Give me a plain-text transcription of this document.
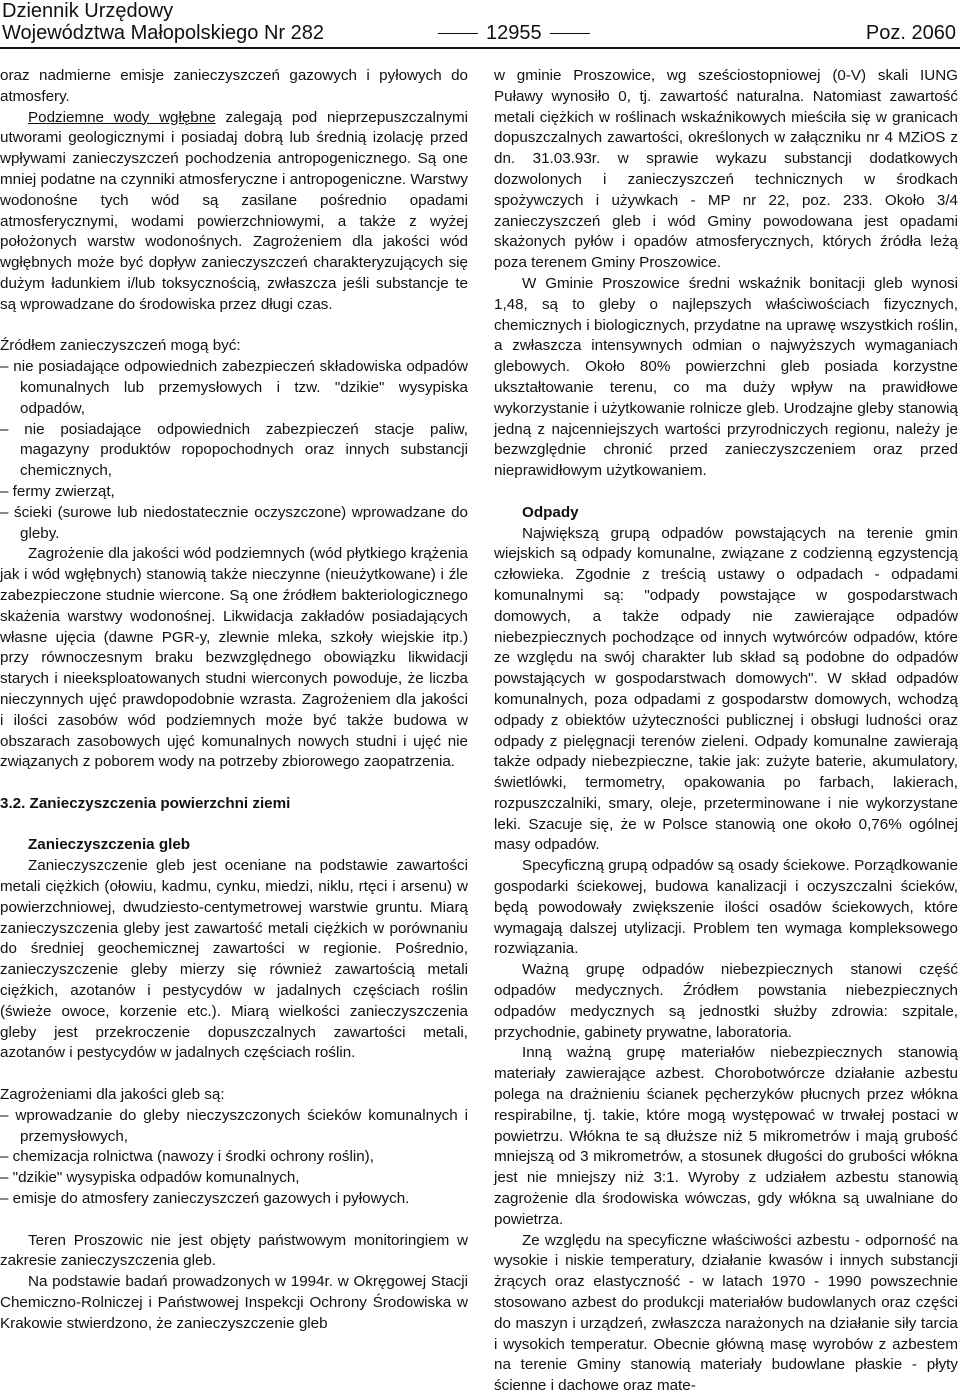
Dziennik Urzędowy
Województwa Małopolskiego Nr 282	12955	Poz. 2060

oraz nadmierne emisje zanieczyszczeń gazowych i pyłowych do atmosfery.

Podziemne wody wgłębne zalegają pod nieprzepuszczalnymi utworami geologicznymi i posiadaj dobrą lub średnią izolację przed wpływami zanieczyszczeń pochodzenia antropogenicznego. Są one mniej podatne na czynniki atmosferyczne i antropogeniczne. Warstwy wodonośne tych wód są zasilane pośrednio opadami atmosferycznymi, wodami powierzchniowymi, a także z wyżej położonych warstw wodonośnych. Zagrożeniem dla jakości wód wgłębnych może być dopływ zanieczyszczeń charakteryzujących się dużym ładunkiem i/lub toksycznością, zwłaszcza jeśli substancje te są wprowadzane do środowiska przez długi czas.

Źródłem zanieczyszczeń mogą być:

– nie posiadające odpowiednich zabezpieczeń składowiska odpadów komunalnych lub przemysłowych i tzw. "dzikie" wysypiska odpadów,
– nie posiadające odpowiednich zabezpieczeń stacje paliw, magazyny produktów ropopochodnych oraz innych substancji chemicznych,
– fermy zwierząt,
– ścieki (surowe lub niedostatecznie oczyszczone) wprowadzane do gleby.

Zagrożenie dla jakości wód podziemnych (wód płytkiego krążenia jak i wód wgłębnych) stanowią także nieczynne (nieużytkowane) i źle zabezpieczone studnie wiercone. Są one źródłem bakteriologicznego skażenia warstwy wodonośnej. Likwidacja zakładów posiadających własne ujęcia (dawne PGR-y, zlewnie mleka, szkoły wiejskie itp.) przy równoczesnym braku bezwzględnego obowiązku likwidacji starych i nieeksploatowanych studni wierconych powoduje, że liczba nieczynnych ujęć prawdopodobnie wzrasta. Zagrożeniem dla jakości i ilości zasobów wód podziemnych może być także budowa w obszarach zasobowych ujęć komunalnych nowych studni i ujęć nie związanych z poborem wody na potrzeby zbiorowego zaopatrzenia.

3.2. Zanieczyszczenia powierzchni ziemi

Zanieczyszczenia gleb

Zanieczyszczenie gleb jest oceniane na podstawie zawartości metali ciężkich (ołowiu, kadmu, cynku, miedzi, niklu, rtęci i arsenu) w powierzchniowej, dwudziesto-centymetrowej warstwie gruntu. Miarą zanieczyszczenia gleby jest zawartość metali ciężkich w porównaniu do średniej geochemicznej zawartości w regionie. Pośrednio, zanieczyszczenie gleby mierzy się również zawartością metali ciężkich, azotanów i pestycydów w jadalnych częściach roślin (świeże owoce, korzenie etc.). Miarą wielkości zanieczyszczenia gleby jest przekroczenie dopuszczalnych zawartości metali, azotanów i pestycydów w jadalnych częściach roślin.

Zagrożeniami dla jakości gleb są:

– wprowadzanie do gleby nieczyszczonych ścieków komunalnych i przemysłowych,
– chemizacja rolnictwa (nawozy i środki ochrony roślin),
– "dzikie" wysypiska odpadów komunalnych,
– emisje do atmosfery zanieczyszczeń gazowych i pyłowych.

Teren Proszowic nie jest objęty państwowym monitoringiem w zakresie zanieczyszczenia gleb.

Na podstawie badań prowadzonych w 1994r. w Okręgowej Stacji Chemiczno-Rolniczej i Państwowej Inspekcji Ochrony Środowiska w Krakowie stwierdzono, że zanieczyszczenie gleb

w gminie Proszowice, wg sześciostopniowej (0-V) skali IUNG Puławy wynosiło 0, tj. zawartość naturalna. Natomiast zawartość metali ciężkich w roślinach wskaźnikowych mieściła się w granicach dopuszczalnych zawartości, określonych w załączniku nr 4 MZiOS z dn. 31.03.93r. w sprawie wykazu substancji dodatkowych dozwolonych i zanieczyszczeń technicznych w środkach spożywczych i używkach - MP nr 22, poz. 233. Około 3/4 zanieczyszczeń gleb i wód Gminy powodowana jest opadami skażonych pyłów i opadów atmosferycznych, których źródła leżą poza terenem Gminy Proszowice.

W Gminie Proszowice średni wskaźnik bonitacji gleb wynosi 1,48, są to gleby o najlepszych właściwościach fizycznych, chemicznych i biologicznych, przydatne na uprawę wszystkich roślin, a zwłaszcza intensywnych odmian o najwyższych wymaganiach glebowych. Około 80% powierzchni gleb posiada korzystne ukształtowanie terenu, co ma duży wpływ na prawidłowe wykorzystanie i użytkowanie rolnicze gleb. Urodzajne gleby stanowią jedną z najcenniejszych wartości przyrodniczych regionu, należy je bezwzględnie chronić przed zanieczyszczeniem oraz przed nieprawidłowym użytkowaniem.

Odpady

Największą grupą odpadów powstających na terenie gmin wiejskich są odpady komunalne, związane z codzienną egzystencją człowieka. Zgodnie z treścią ustawy o odpadach - odpadami komunalnymi są: "odpady powstające w gospodarstwach domowych, a także odpady nie zawierające odpadów niebezpiecznych pochodzące od innych wytwórców odpadów, które ze względu na swój charakter lub skład są podobne do odpadów powstających w gospodarstwach domowych". W skład odpadów komunalnych, poza odpadami z gospodarstw domowych, wchodzą odpady z obiektów użyteczności publicznej i obsługi ludności oraz odpady z pielęgnacji terenów zieleni. Odpady komunalne zawierają także odpady niebezpieczne, takie jak: zużyte baterie, akumulatory, świetlówki, termometry, opakowania po farbach, lakierach, rozpuszczalniki, smary, oleje, przeterminowane i nie wykorzystane leki. Szacuje się, że w Polsce stanowią one około 0,76% ogólnej masy odpadów.

Specyficzną grupą odpadów są osady ściekowe. Porządkowanie gospodarki ściekowej, budowa kanalizacji i oczyszczalni ścieków, będą powodowały zwiększenie ilości osadów ściekowych, które wymagają dalszej utylizacji. Problem ten wymaga kompleksowego rozwiązania.

Ważną grupę odpadów niebezpiecznych stanowi część odpadów medycznych. Źródłem powstania niebezpiecznych odpadów medycznych są jednostki służby zdrowia: szpitale, przychodnie, gabinety prywatne, laboratoria.

Inną ważną grupę materiałów niebezpiecznych stanowią materiały zawierające azbest. Chorobotwórcze działanie azbestu polega na drażnieniu ścianek pęcherzyków płucnych przez włókna respirabilne, tj. takie, które mogą występować w trwałej postaci w powietrzu. Włókna te są dłuższe niż 5 mikrometrów i mają grubość mniejszą od 3 mikrometrów, a stosunek długości do grubości włókna jest nie mniejszy niż 3:1. Wyroby z udziałem azbestu stanowią zagrożenie dla środowiska wówczas, gdy włókna są uwalniane do powietrza.

Ze względu na specyficzne właściwości azbestu - odporność na wysokie i niskie temperatury, działanie kwasów i innych substancji żrących oraz elastyczność - w latach 1970 - 1990 powszechnie stosowano azbest do produkcji materiałów budowlanych oraz części do maszyn i urządzeń, zwłaszcza narażonych na działanie siły tarcia i wysokich temperatur. Obecnie główną masę wyrobów z azbestem na terenie Gminy stanowią materiały budowlane płaskie - płyty ścienne i dachowe oraz mate-
